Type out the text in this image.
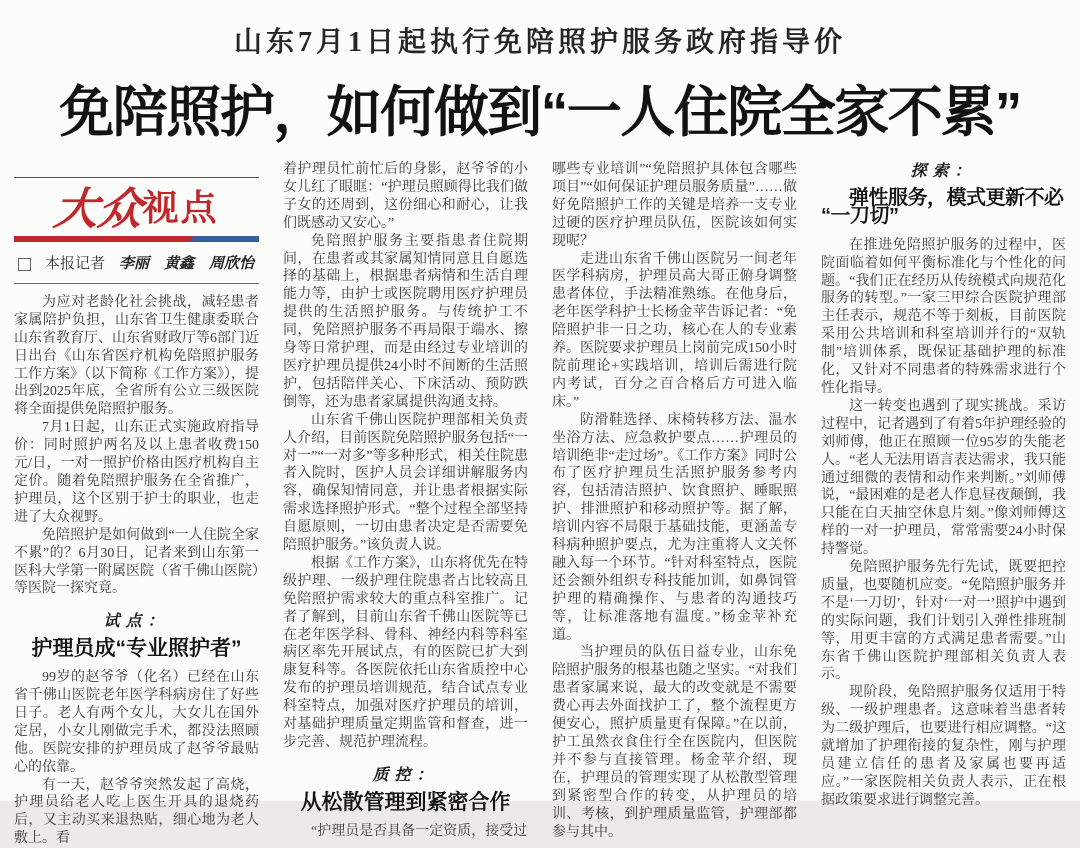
山东7月1日起执行免陪照护服务政府指导价
免陪照护，如何做到“一人住院全家不累”
大众视点
本报记者 李丽　黄鑫　周欣怡

为应对老龄化社会挑战，减轻患者家属陪护负担，山东省卫生健康委联合山东省教育厅、山东省财政厅等6部门近日出台《山东省医疗机构免陪照护服务工作方案》（以下简称《工作方案》），提出到2025年底，全省所有公立三级医院将全面提供免陪照护服务。

7月1日起，山东正式实施政府指导价：同时照护两名及以上患者收费150元/日，一对一照护价格由医疗机构自主定价。随着免陪照护服务在全省推广，护理员，这个区别于护士的职业，也走进了大众视野。

免陪照护是如何做到“一人住院全家不累”的？6月30日，记者来到山东第一医科大学第一附属医院（省千佛山医院）等医院一探究竟。

试点：
护理员成“专业照护者”

99岁的赵爷爷（化名）已经在山东省千佛山医院老年医学科病房住了好些日子。老人有两个女儿，大女儿在国外定居，小女儿刚做完手术，都没法照顾他。医院安排的护理员成了赵爷爷最贴心的依靠。

有一天，赵爷爷突然发起了高烧，护理员给老人吃上医生开具的退烧药后，又主动买来退热贴，细心地为老人敷上。看

着护理员忙前忙后的身影，赵爷爷的小女儿红了眼眶：“护理员照顾得比我们做子女的还周到，这份细心和耐心，让我们既感动又安心。”

免陪照护服务主要指患者住院期间，在患者或其家属知情同意且自愿选择的基础上，根据患者病情和生活自理能力等，由护士或医院聘用医疗护理员提供的生活照护服务。与传统护工不同，免陪照护服务不再局限于端水、擦身等日常护理，而是由经过专业培训的医疗护理员提供24小时不间断的生活照护，包括陪伴关心、下床活动、预防跌倒等，还为患者家属提供沟通支持。

山东省千佛山医院护理部相关负责人介绍，目前医院免陪照护服务包括“一对一”“一对多”等多种形式，相关住院患者入院时，医护人员会详细讲解服务内容，确保知情同意，并让患者根据实际需求选择照护形式。“整个过程全部坚持自愿原则，一切由患者决定是否需要免陪照护服务。”该负责人说。

根据《工作方案》，山东将优先在特级护理、一级护理住院患者占比较高且免陪照护需求较大的重点科室推广。记者了解到，目前山东省千佛山医院等已在老年医学科、骨科、神经内科等科室病区率先开展试点，有的医院已扩大到康复科等。各医院依托山东省质控中心发布的护理员培训规范，结合试点专业科室特点，加强对医疗护理员的培训，对基础护理质量定期监管和督查，进一步完善、规范护理流程。

质控：
从松散管理到紧密合作

“护理员是否具备一定资质，接受过

哪些专业培训”“免陪照护具体包含哪些项目”“如何保证护理员服务质量”……做好免陪照护工作的关键是培养一支专业过硬的医疗护理员队伍，医院该如何实现呢？

走进山东省千佛山医院另一间老年医学科病房，护理员高大哥正俯身调整患者体位，手法精准熟练。在他身后，老年医学科护士长杨金苹告诉记者：“免陪照护非一日之功，核心在人的专业素养。医院要求护理员上岗前完成150小时院前理论+实践培训，培训后需进行院内考试，百分之百合格后方可进入临床。”

防滑鞋选择、床椅转移方法、温水坐浴方法、应急救护要点……护理员的培训绝非“走过场”。《工作方案》同时公布了医疗护理员生活照护服务参考内容，包括清洁照护、饮食照护、睡眠照护、排泄照护和移动照护等。据了解，培训内容不局限于基础技能，更涵盖专科病种照护要点，尤为注重将人文关怀融入每一个环节。“针对科室特点，医院还会额外组织专科技能加训，如鼻饲管护理的精确操作、与患者的沟通技巧等，让标准落地有温度。”杨金苹补充道。

当护理员的队伍日益专业，山东免陪照护服务的根基也随之坚实。“对我们患者家属来说，最大的改变就是不需要费心再去外面找护工了，整个流程更方便安心，照护质量更有保障。”在以前，护工虽然衣食住行全在医院内，但医院并不参与直接管理。杨金苹介绍，现在，护理员的管理实现了从松散型管理到紧密型合作的转变，从护理员的培训、考核，到护理质量监管，护理部都参与其中。

探索：
弹性服务，模式更新不必
“一刀切”

在推进免陪照护服务的过程中，医院面临着如何平衡标准化与个性化的问题。“我们正在经历从传统模式向规范化服务的转型。”一家三甲综合医院护理部主任表示，规范不等于刻板，目前医院采用公共培训和科室培训并行的“双轨制”培训体系，既保证基础护理的标准化，又针对不同患者的特殊需求进行个性化指导。

这一转变也遇到了现实挑战。采访过程中，记者遇到了有着5年护理经验的刘师傅，他正在照顾一位95岁的失能老人。“老人无法用语言表达需求，我只能通过细微的表情和动作来判断。”刘师傅说，“最困难的是老人作息昼夜颠倒，我只能在白天抽空休息片刻。”像刘师傅这样的一对一护理员，常常需要24小时保持警觉。

免陪照护服务先行先试，既要把控质量，也要随机应变。“免陪照护服务并不是‘一刀切’，针对‘一对一’照护中遇到的实际问题，我们计划引入弹性排班制等，用更丰富的方式满足患者需要。”山东省千佛山医院护理部相关负责人表示。

现阶段，免陪照护服务仅适用于特级、一级护理患者。这意味着当患者转为二级护理后，也要进行相应调整。“这就增加了护理衔接的复杂性，刚与护理员建立信任的患者及家属也要再适应。”一家医院相关负责人表示，正在根据政策要求进行调整完善。
